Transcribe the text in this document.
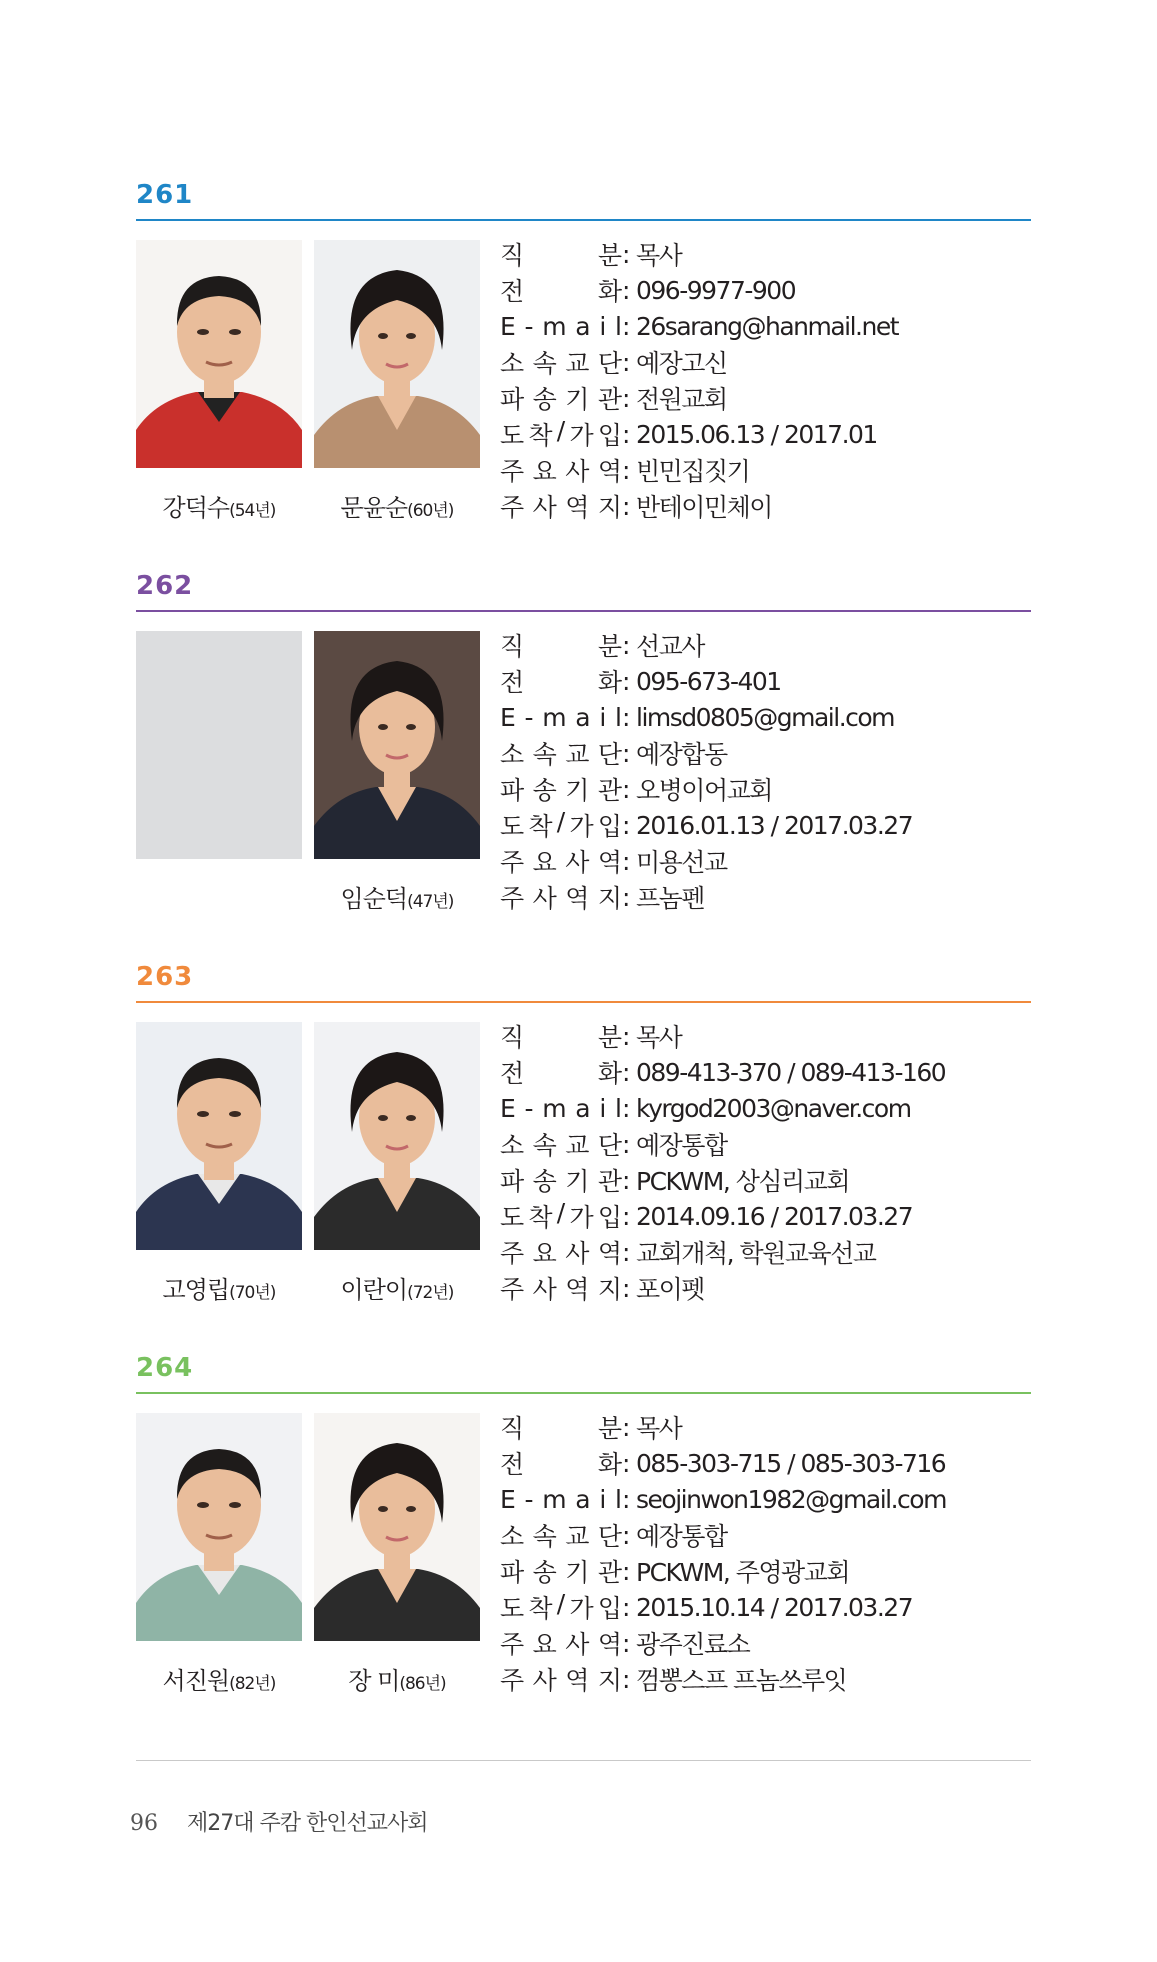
261
강덕수(54년)	문윤순(60년)
직	분 : 목사
전	화 : 096-9977-900
E - m a i l : 26sarang@hanmail.net
소 속 교 단 : 예장고신
파 송 기 관 : 전원교회
도 착 / 가 입 : 2015.06.13 / 2017.01
주 요 사 역 : 빈민집짓기
주 사 역 지 : 반테이민체이
262
임순덕(47년)
직	분 : 선교사
전	화 : 095-673-401
E - m a i l : limsd0805@gmail.com
소 속 교 단 : 예장합동
파 송 기 관 : 오병이어교회
도 착 / 가 입 : 2016.01.13 / 2017.03.27
주 요 사 역 : 미용선교
주 사 역 지 : 프놈펜
263
고영립(70년)	이란이(72년)
직	분 : 목사
전	화 : 089-413-370 / 089-413-160
E - m a i l : kyrgod2003@naver.com
소 속 교 단 : 예장통합
파 송 기 관 : PCKWM, 상심리교회
도 착 / 가 입 : 2014.09.16 / 2017.03.27
주 요 사 역 : 교회개척, 학원교육선교
주 사 역 지 : 포이펫
264
서진원(82년)	장 미(86년)
직	분 : 목사
전	화 : 085-303-715 / 085-303-716
E - m a i l : seojinwon1982@gmail.com
소 속 교 단 : 예장통합
파 송 기 관 : PCKWM, 주영광교회
도 착 / 가 입 : 2015.10.14 / 2017.03.27
주 요 사 역 : 광주진료소
주 사 역 지 : 껌뽕스프 프놈쓰루잇
96 제27대 주캄 한인선교사회
